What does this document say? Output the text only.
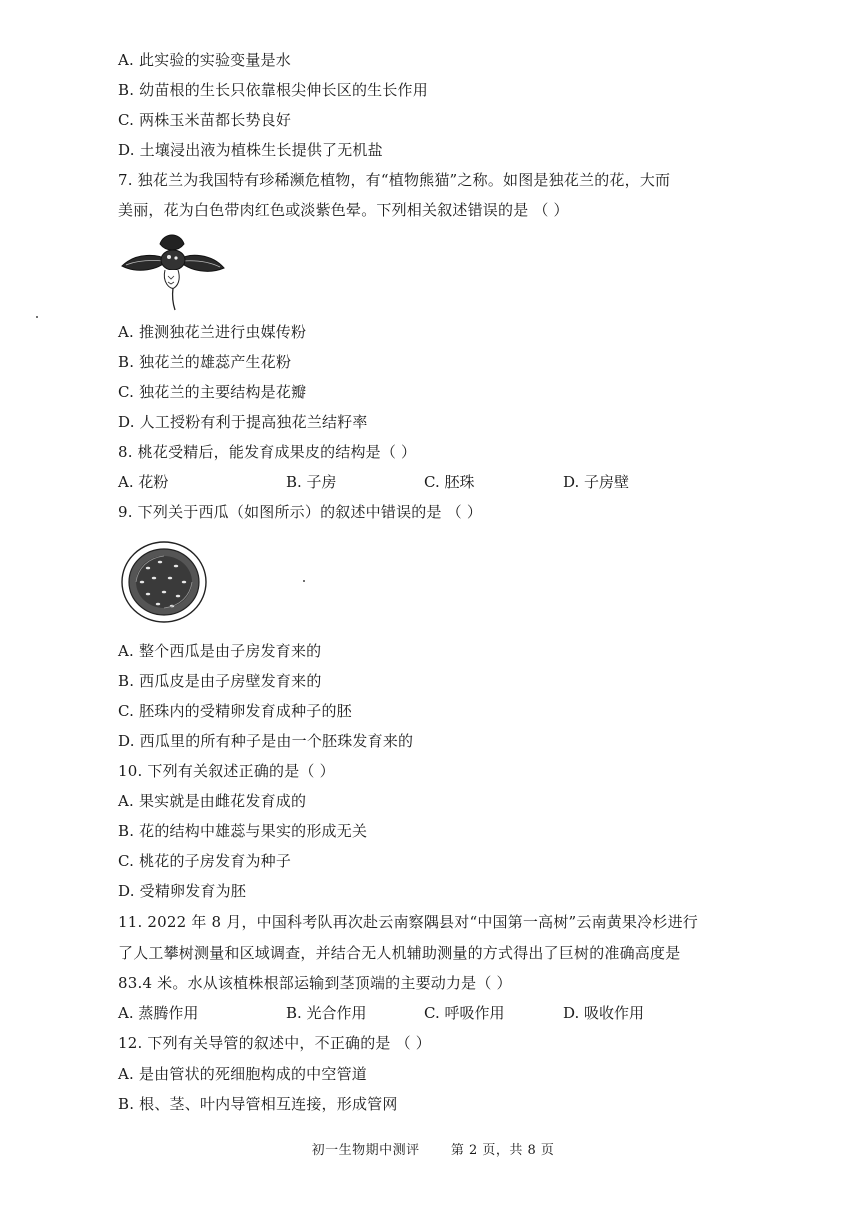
A. 此实验的实验变量是水
B. 幼苗根的生长只依靠根尖伸长区的生长作用
C. 两株玉米苗都长势良好
D. 土壤浸出液为植株生长提供了无机盐
7. 独花兰为我国特有珍稀濒危植物，有“植物熊猫”之称。如图是独花兰的花，大而
美丽，花为白色带肉红色或淡紫色晕。下列相关叙述错误的是 （ ）
A. 推测独花兰进行虫媒传粉
B. 独花兰的雄蕊产生花粉
C. 独花兰的主要结构是花瓣
D. 人工授粉有利于提高独花兰结籽率
8. 桃花受精后，能发育成果皮的结构是（ ）
A. 花粉	B. 子房	C. 胚珠	D. 子房壁
9. 下列关于西瓜（如图所示）的叙述中错误的是 （ ）
A. 整个西瓜是由子房发育来的
B. 西瓜皮是由子房壁发育来的
C. 胚珠内的受精卵发育成种子的胚
D. 西瓜里的所有种子是由一个胚珠发育来的
10. 下列有关叙述正确的是（ ）
A. 果实就是由雌花发育成的
B. 花的结构中雄蕊与果实的形成无关
C. 桃花的子房发育为种子
D. 受精卵发育为胚
11. 2022 年 8 月，中国科考队再次赴云南察隅县对“中国第一高树”云南黄果冷杉进行
了人工攀树测量和区域调查，并结合无人机辅助测量的方式得出了巨树的准确高度是
83.4 米。水从该植株根部运输到茎顶端的主要动力是（ ）
A. 蒸腾作用	B. 光合作用	C. 呼吸作用	D. 吸收作用
12. 下列有关导管的叙述中，不正确的是 （ ）
A. 是由管状的死细胞构成的中空管道
B. 根、茎、叶内导管相互连接，形成管网
初一生物期中测评 第 2 页，共 8 页
